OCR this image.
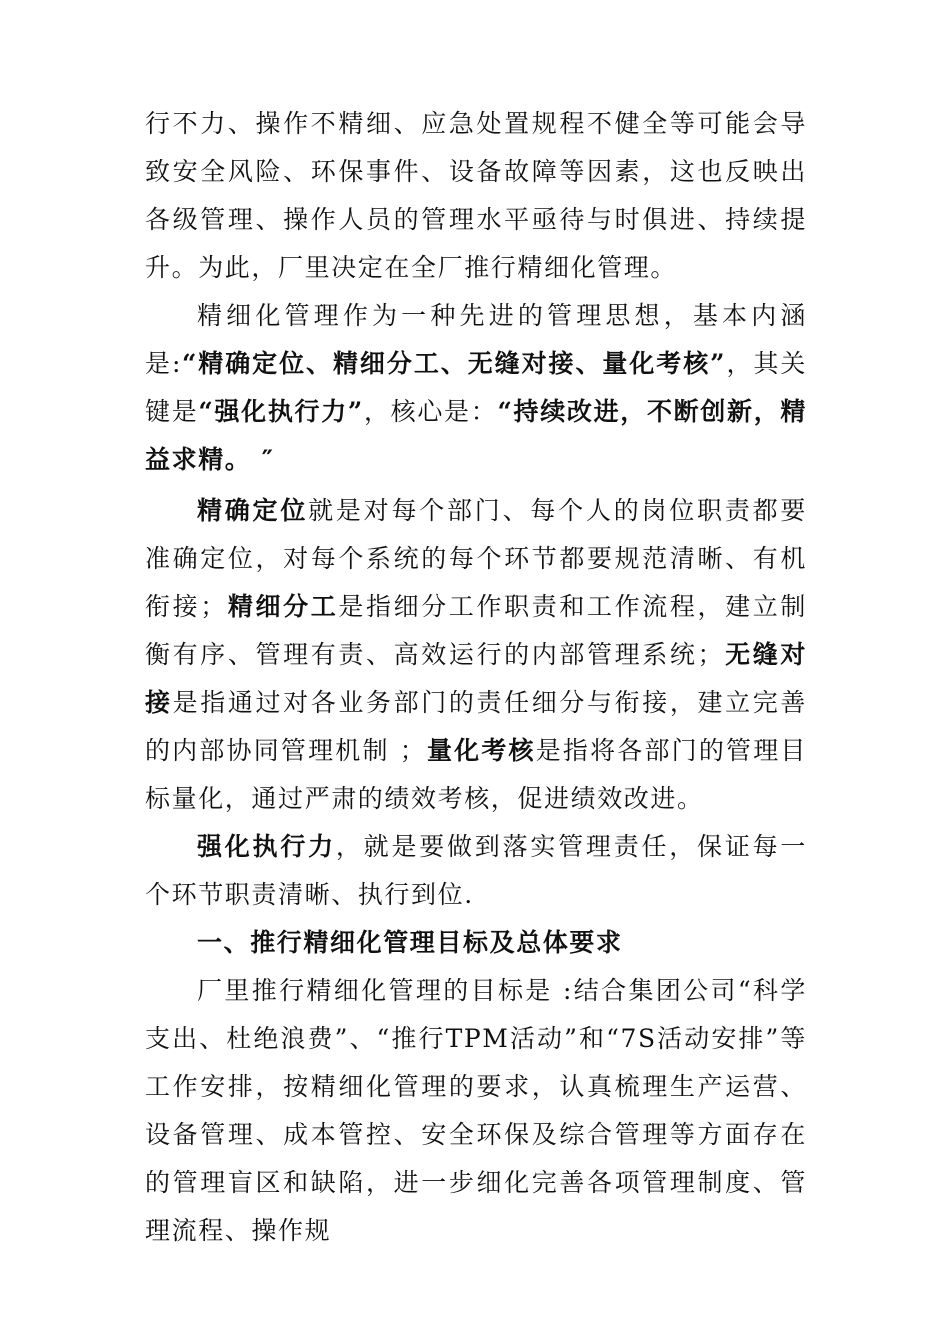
行不力、操作不精细、应急处置规程不健全等可能会导致安全风险、环保事件、设备故障等因素，这也反映出各级管理、操作人员的管理水平亟待与时俱进、持续提升。为此，厂里决定在全厂推行精细化管理。

精细化管理作为一种先进的管理思想，基本内涵是:“精确定位、精细分工、无缝对接、量化考核”，其关键是“强化执行力”，核心是：“持续改进，不断创新，精益求精。 ″

精确定位就是对每个部门、每个人的岗位职责都要准确定位，对每个系统的每个环节都要规范清晰、有机衔接；精细分工是指细分工作职责和工作流程，建立制衡有序、管理有责、高效运行的内部管理系统；无缝对接是指通过对各业务部门的责任细分与衔接，建立完善的内部协同管理机制 ；量化考核是指将各部门的管理目标量化，通过严肃的绩效考核，促进绩效改进。

强化执行力，就是要做到落实管理责任，保证每一个环节职责清晰、执行到位.

一、推行精细化管理目标及总体要求

厂里推行精细化管理的目标是 :结合集团公司“科学支出、杜绝浪费”、“推行TPM活动”和“7S活动安排”等工作安排，按精细化管理的要求，认真梳理生产运营、设备管理、成本管控、安全环保及综合管理等方面存在的管理盲区和缺陷，进一步细化完善各项管理制度、管理流程、操作规
